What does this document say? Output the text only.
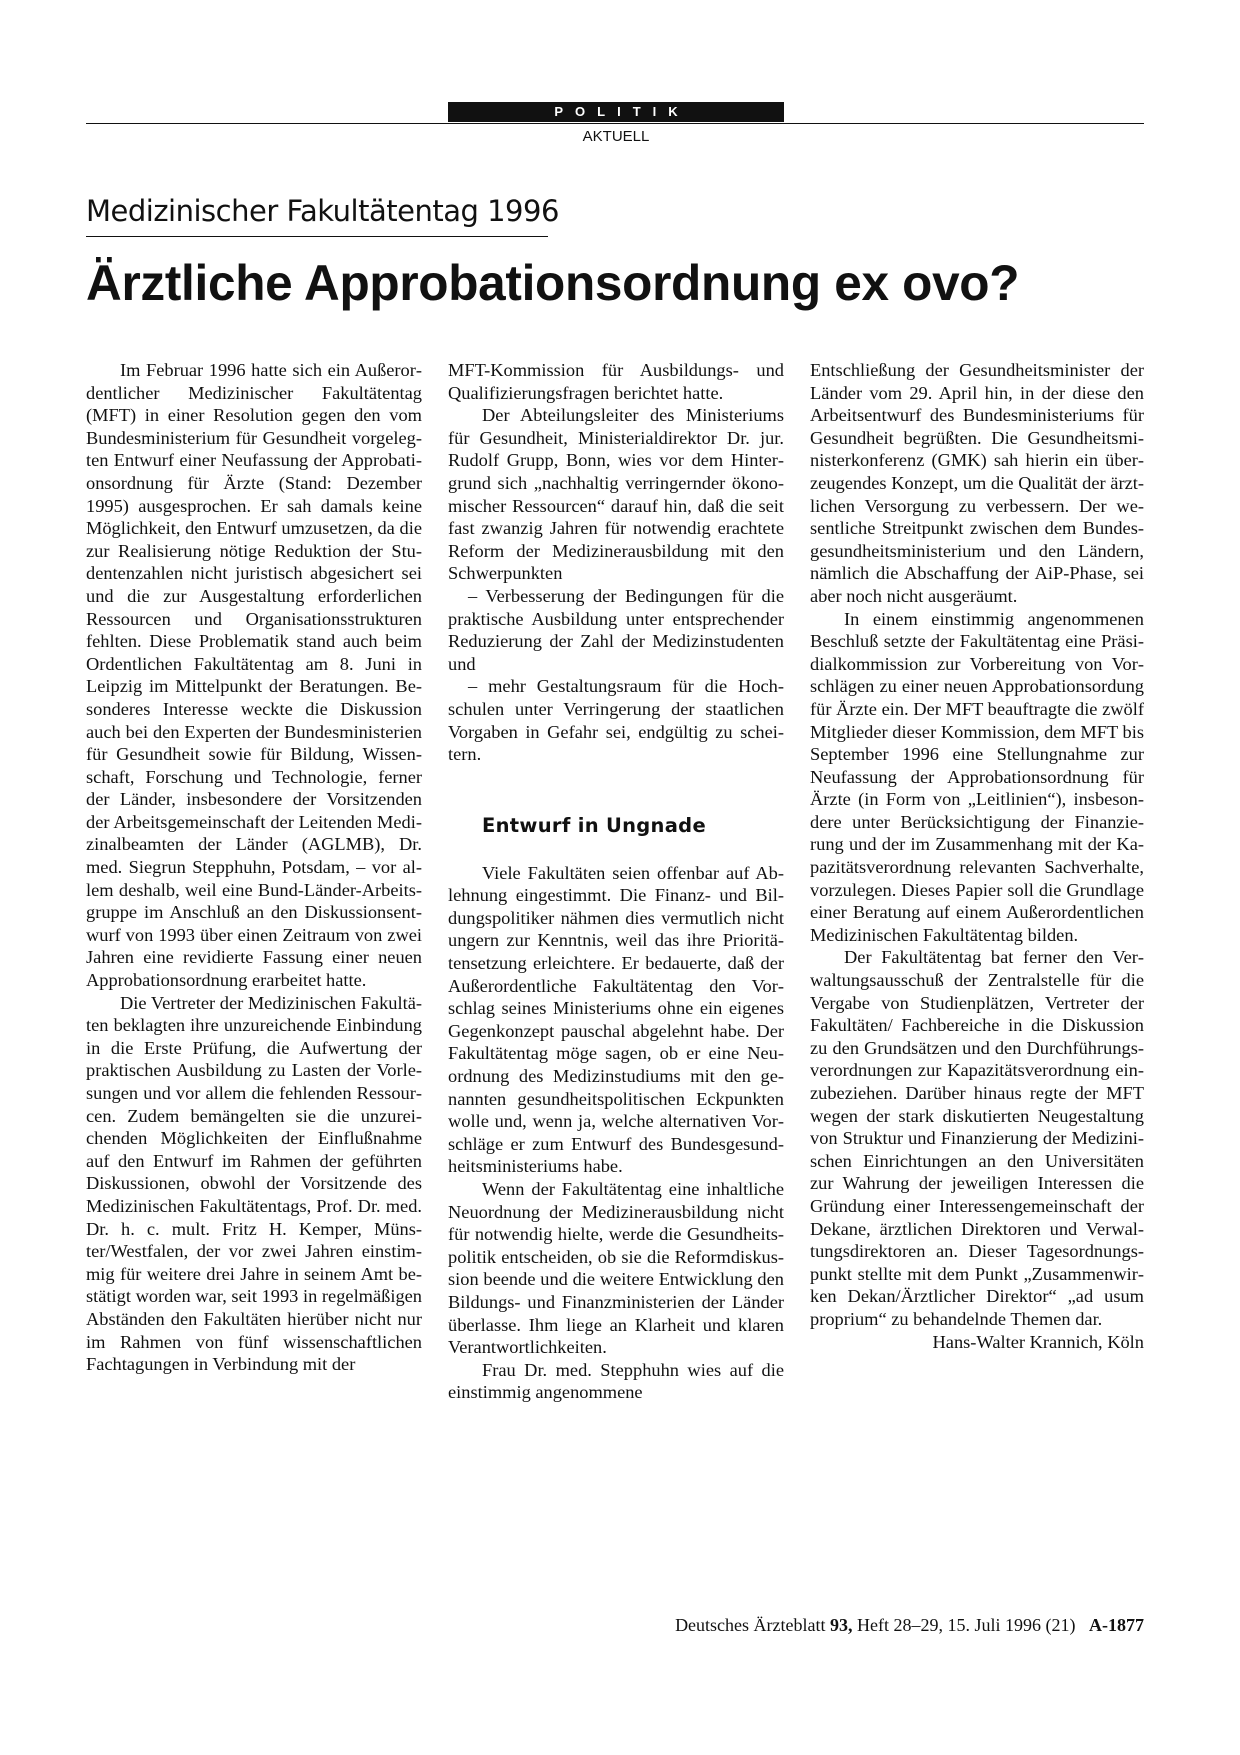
POLITIK
AKTUELL
Medizinischer Fakultätentag 1996
Ärztliche Approbationsordnung ex ovo?

Im Februar 1996 hatte sich ein Außerordentlicher Medizinischer Fakultätentag (MFT) in einer Resolution gegen den vom Bundesministerium für Gesundheit vorgelegten Entwurf einer Neufassung der Approbationsordnung für Ärzte (Stand: Dezember 1995) ausgesprochen. Er sah damals keine Möglichkeit, den Entwurf umzusetzen, da die zur Realisierung nötige Reduktion der Studentenzahlen nicht juristisch abgesichert sei und die zur Ausgestaltung erforderlichen Ressourcen und Organisationsstrukturen fehlten. Diese Problematik stand auch beim Ordentlichen Fakultätentag am 8. Juni in Leipzig im Mittelpunkt der Beratungen. Besonderes Interesse weckte die Diskussion auch bei den Experten der Bundesministerien für Gesundheit sowie für Bildung, Wissenschaft, Forschung und Technologie, ferner der Länder, insbesondere der Vorsitzenden der Arbeitsgemeinschaft der Leitenden Medizinalbeamten der Länder (AGLMB), Dr. med. Siegrun Stepphuhn, Potsdam, – vor allem deshalb, weil eine Bund-Länder-Arbeitsgruppe im Anschluß an den Diskussionsentwurf von 1993 über einen Zeitraum von zwei Jahren eine revidierte Fassung einer neuen Approbationsordnung erarbeitet hatte.

Die Vertreter der Medizinischen Fakultäten beklagten ihre unzureichende Einbindung in die Erste Prüfung, die Aufwertung der praktischen Ausbildung zu Lasten der Vorlesungen und vor allem die fehlenden Ressourcen. Zudem bemängelten sie die unzureichenden Möglichkeiten der Einflußnahme auf den Entwurf im Rahmen der geführten Diskussionen, obwohl der Vorsitzende des Medizinischen Fakultätentags, Prof. Dr. med. Dr. h. c. mult. Fritz H. Kemper, Münster/Westfalen, der vor zwei Jahren einstimmig für weitere drei Jahre in seinem Amt bestätigt worden war, seit 1993 in regelmäßigen Abständen den Fakultäten hierüber nicht nur im Rahmen von fünf wissenschaftlichen Fachtagungen in Verbindung mit der

MFT-Kommission für Ausbildungs- und Qualifizierungsfragen berichtet hatte.

Der Abteilungsleiter des Ministeriums für Gesundheit, Ministerialdirektor Dr. jur. Rudolf Grupp, Bonn, wies vor dem Hintergrund sich „nachhaltig verringernder ökonomischer Ressourcen“ darauf hin, daß die seit fast zwanzig Jahren für notwendig erachtete Reform der Medizinerausbildung mit den Schwerpunkten

– Verbesserung der Bedingungen für die praktische Ausbildung unter entsprechender Reduzierung der Zahl der Medizinstudenten und

– mehr Gestaltungsraum für die Hochschulen unter Verringerung der staatlichen Vorgaben in Gefahr sei, endgültig zu scheitern.

Entwurf in Ungnade

Viele Fakultäten seien offenbar auf Ablehnung eingestimmt. Die Finanz- und Bildungspolitiker nähmen dies vermutlich nicht ungern zur Kenntnis, weil das ihre Prioritätensetzung erleichtere. Er bedauerte, daß der Außerordentliche Fakultätentag den Vorschlag seines Ministeriums ohne ein eigenes Gegenkonzept pauschal abgelehnt habe. Der Fakultätentag möge sagen, ob er eine Neuordnung des Medizinstudiums mit den genannten gesundheitspolitischen Eckpunkten wolle und, wenn ja, welche alternativen Vorschläge er zum Entwurf des Bundesgesundheitsministeriums habe.

Wenn der Fakultätentag eine inhaltliche Neuordnung der Medizinerausbildung nicht für notwendig hielte, werde die Gesundheitspolitik entscheiden, ob sie die Reformdiskussion beende und die weitere Entwicklung den Bildungs- und Finanzministerien der Länder überlasse. Ihm liege an Klarheit und klaren Verantwortlichkeiten.

Frau Dr. med. Stepphuhn wies auf die einstimmig angenommene

Entschließung der Gesundheitsminister der Länder vom 29. April hin, in der diese den Arbeitsentwurf des Bundesministeriums für Gesundheit begrüßten. Die Gesundheitsministerkonferenz (GMK) sah hierin ein überzeugendes Konzept, um die Qualität der ärztlichen Versorgung zu verbessern. Der wesentliche Streitpunkt zwischen dem Bundesgesundheitsministerium und den Ländern, nämlich die Abschaffung der AiP-Phase, sei aber noch nicht ausgeräumt.

In einem einstimmig angenommenen Beschluß setzte der Fakultätentag eine Präsidialkommission zur Vorbereitung von Vorschlägen zu einer neuen Approbationsordung für Ärzte ein. Der MFT beauftragte die zwölf Mitglieder dieser Kommission, dem MFT bis September 1996 eine Stellungnahme zur Neufassung der Approbationsordnung für Ärzte (in Form von „Leitlinien“), insbesondere unter Berücksichtigung der Finanzierung und der im Zusammenhang mit der Kapazitätsverordnung relevanten Sachverhalte, vorzulegen. Dieses Papier soll die Grundlage einer Beratung auf einem Außerordentlichen Medizinischen Fakultätentag bilden.

Der Fakultätentag bat ferner den Verwaltungsausschuß der Zentralstelle für die Vergabe von Studienplätzen, Vertreter der Fakultäten/ Fachbereiche in die Diskussion zu den Grundsätzen und den Durchführungsverordnungen zur Kapazitätsverordnung einzubeziehen. Darüber hinaus regte der MFT wegen der stark diskutierten Neugestaltung von Struktur und Finanzierung der Medizinischen Einrichtungen an den Universitäten zur Wahrung der jeweiligen Interessen die Gründung einer Interessengemeinschaft der Dekane, ärztlichen Direktoren und Verwaltungsdirektoren an. Dieser Tagesordnungspunkt stellte mit dem Punkt „Zusammenwirken Dekan/Ärztlicher Direktor“ „ad usum proprium“ zu behandelnde Themen dar.

Hans-Walter Krannich, Köln

Deutsches Ärzteblatt 93, Heft 28–29, 15. Juli 1996 (21) A-1877
